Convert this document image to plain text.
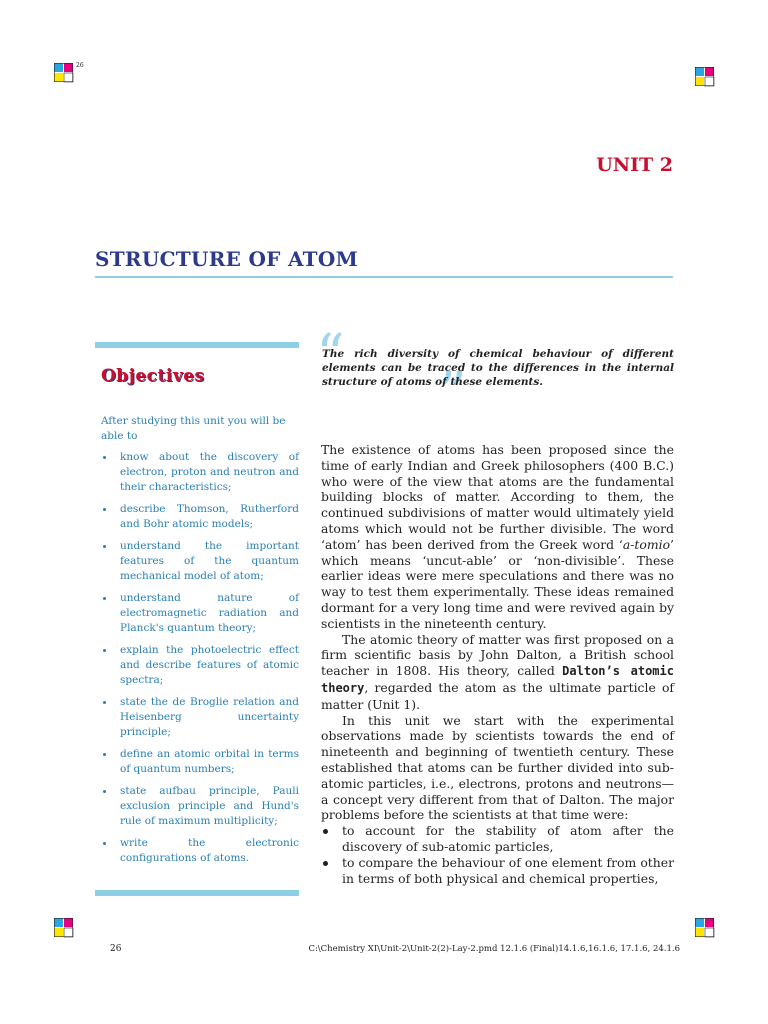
26
UNIT 2
STRUCTURE OF ATOM
Objectives
After studying this unit you will be able to
know about the discovery of electron, proton and neutron and their characteristics;
describe Thomson, Rutherford and Bohr atomic models;
understand the important features of the quantum mechanical model of atom;
understand nature of electromagnetic radiation and Planck's quantum theory;
explain the photoelectric effect and describe features of atomic spectra;
state the de Broglie relation and Heisenberg uncertainty principle;
define an atomic orbital in terms of quantum numbers;
state aufbau principle, Pauli exclusion principle and Hund's rule of maximum multiplicity;
write the electronic configurations of atoms.
“
”
The rich diversity of chemical behaviour of different elements can be traced to the differences in the internal structure of atoms of these elements.

The existence of atoms has been proposed since the time of early Indian and Greek philosophers (400 B.C.) who were of the view that atoms are the fundamental building blocks of matter. According to them, the continued subdivisions of matter would ultimately yield atoms which would not be further divisible. The word ‘atom’ has been derived from the Greek word ‘a-tomio’ which means ‘uncut-able’ or ‘non-divisible’. These earlier ideas were mere speculations and there was no way to test them experimentally. These ideas remained dormant for a very long time and were revived again by scientists in the nineteenth century.

The atomic theory of matter was first proposed on a firm scientific basis by John Dalton, a British school teacher in 1808. His theory, called Dalton’s atomic theory, regarded the atom as the ultimate particle of matter (Unit 1).

In this unit we start with the experimental observations made by scientists towards the end of nineteenth and beginning of twentieth century. These established that atoms can be further divided into sub-atomic particles, i.e., electrons, protons and neutrons— a concept very different from that of Dalton. The major problems before the scientists at that time were:

to account for the stability of atom after the discovery of sub-atomic particles,
to compare the behaviour of one element from other in terms of both physical and chemical properties,
26	C:\Chemistry XI\Unit-2\Unit-2(2)-Lay-2.pmd 12.1.6 (Final)14.1.6,16.1.6, 17.1.6, 24.1.6
